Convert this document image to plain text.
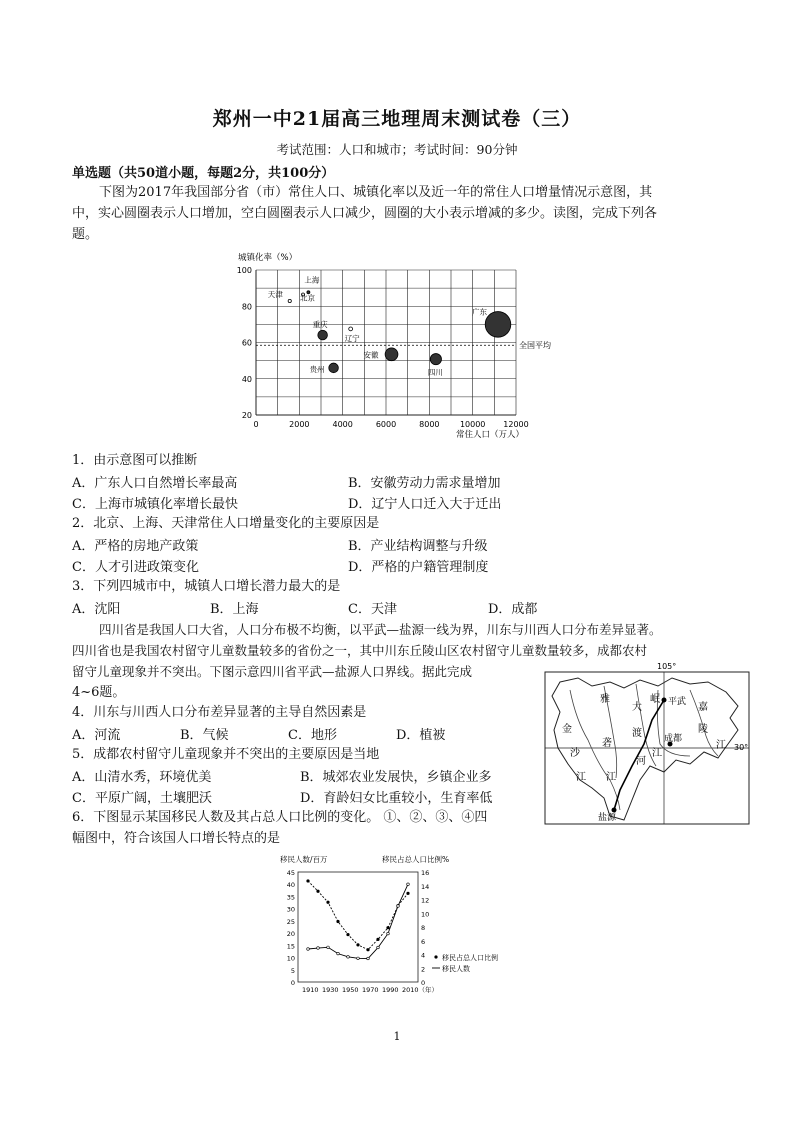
郑州一中21届高三地理周末测试卷（三）
考试范围：人口和城市；考试时间：90分钟
单选题（共50道小题，每题2分，共100分）
下图为2017年我国部分省（市）常住人口、城镇化率以及近一年的常住人口增量情况示意图，其
中，实心圆圈表示人口增加，空白圆圈表示人口减少，圆圈的大小表示增减的多少。读图，完成下列各
题。
0	2000	4000	6000	8000	10000 12000
20
40
60
80
100
城镇化率（%）
常住人口（万人）
全国平均
天津
上海
北京
重庆
辽宁
安徽
贵州	四川
广东
1．由示意图可以推断
A．广东人口自然增长率最高	B．安徽劳动力需求量增加
C．上海市城镇化率增长最快	D．辽宁人口迁入大于迁出
2．北京、上海、天津常住人口增量变化的主要原因是
A．严格的房地产政策	B．产业结构调整与升级
C．人才引进政策变化	D．严格的户籍管理制度
3．下列四城市中，城镇人口增长潜力最大的是
A．沈阳	B．上海	C．天津	D．成都
四川省是我国人口大省，人口分布极不均衡，以平武—盐源一线为界，川东与川西人口分布差异显著。
四川省也是我国农村留守儿童数量较多的省份之一，其中川东丘陵山区农村留守儿童数量较多，成都农村
留守儿童现象并不突出。下图示意四川省平武—盐源人口界线。据此完成
4~6题。
105°
30°
平武
成都
盐源
金
沙
江
雅
砻
江
大
渡
河
岷
江
嘉
陵
江
4．川东与川西人口分布差异显著的主导自然因素是
A．河流	B．气候	C．地形	D．植被
5．成都农村留守儿童现象并不突出的主要原因是当地
A．山清水秀，环境优美	B．城郊农业发展快，乡镇企业多
C．平原广阔，土壤肥沃	D．育龄妇女比重较小，生育率低
6．下图显示某国移民人数及其占总人口比例的变化。 ①、②、③、④四
幅图中，符合该国人口增长特点的是
移民人数/百万	移民占总人口比例%
0
5
10
15
20
25
30
35
40
45
0
2
4
6
8
10
12
14
16
1910 1930 1950 1970 1990 2010（年）
移民占总人口比例
移民人数
1
